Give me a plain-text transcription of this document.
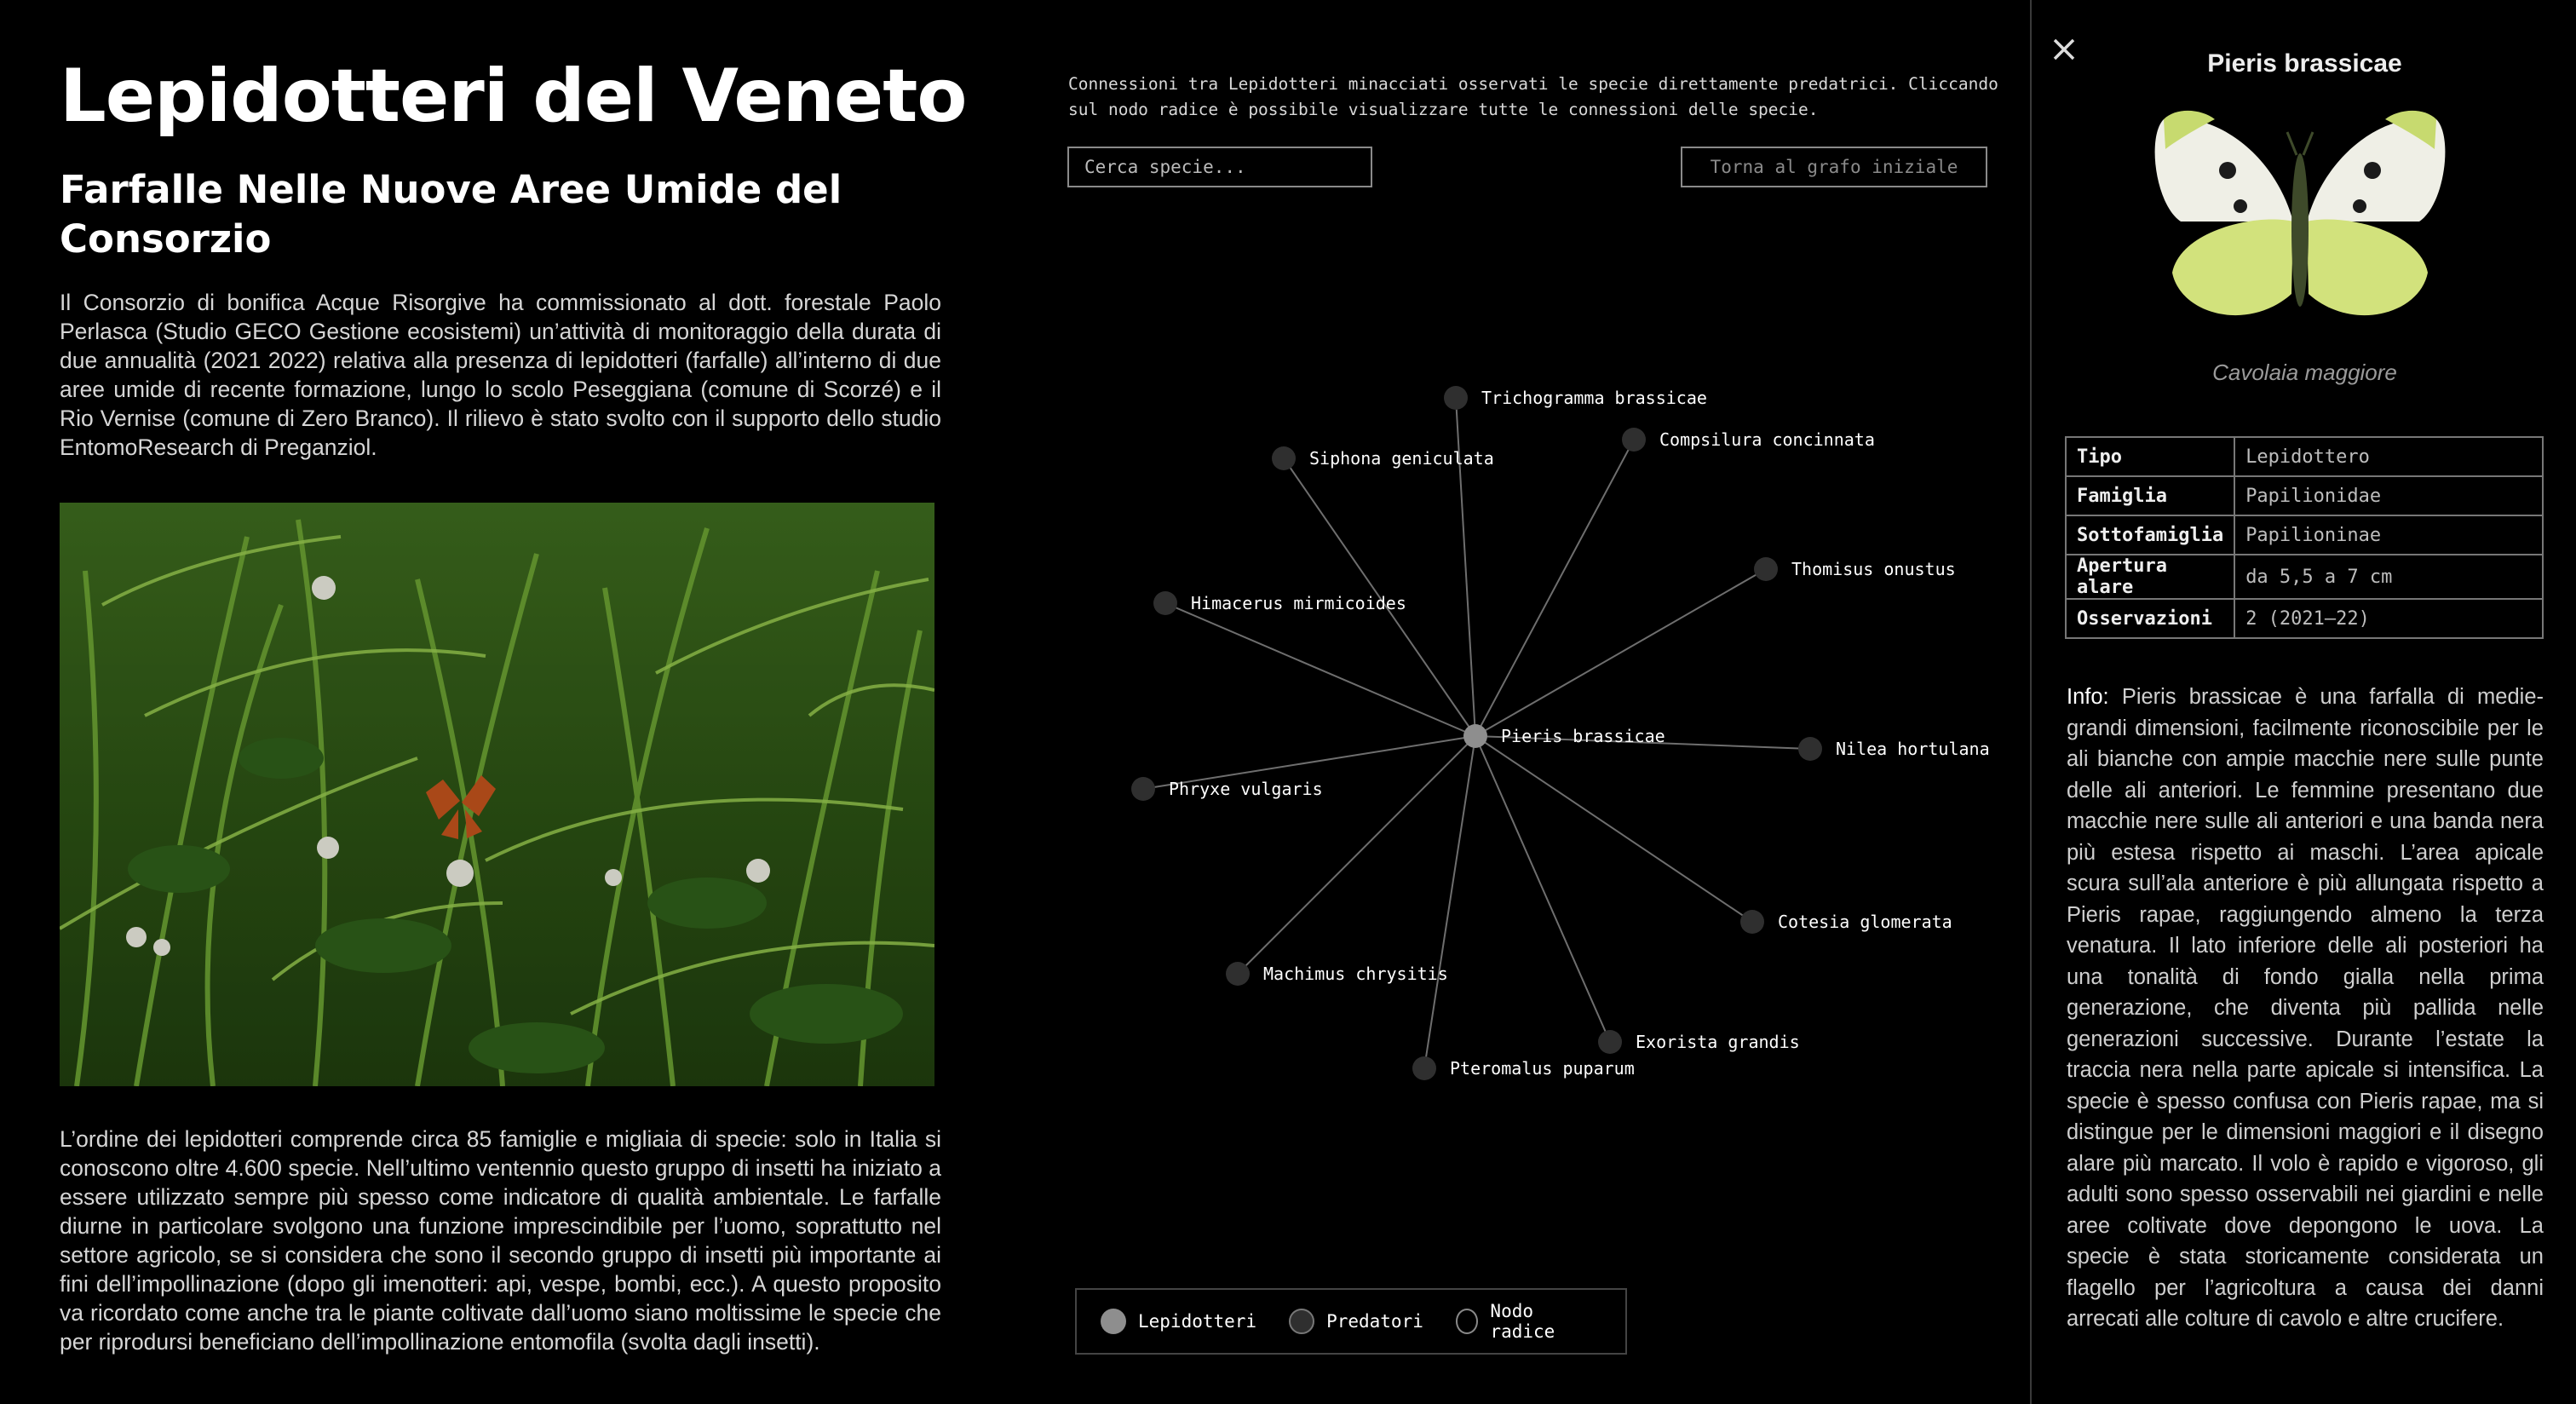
Lepidotteri del Veneto
Farfalle Nelle Nuove Aree Umide del Consorzio

Il Consorzio di bonifica Acque Risorgive ha commissionato al dott. forestale Paolo Perlasca (Studio GECO Gestione ecosistemi) un’attività di monitoraggio della durata di due annualità (2021 2022) relativa alla presenza di lepidotteri (farfalle) all’interno di due aree umide di recente formazione, lungo lo scolo Peseggiana (comune di Scorzé) e il Rio Vernise (comune di Zero Branco). Il rilievo è stato svolto con il supporto dello studio EntomoResearch di Preganziol.

L’ordine dei lepidotteri comprende circa 85 famiglie e migliaia di specie: solo in Italia si conoscono oltre 4.600 specie. Nell’ultimo ventennio questo gruppo di insetti ha iniziato a essere utilizzato sempre più spesso come indicatore di qualità ambientale. Le farfalle diurne in particolare svolgono una funzione imprescindibile per l’uomo, soprattutto nel settore agricolo, se si considera che sono il secondo gruppo di insetti più importante ai fini dell’impollinazione (dopo gli imenotteri: api, vespe, bombi, ecc.). A questo proposito va ricordato come anche tra le piante coltivate dall’uomo siano moltissime le specie che per riprodursi beneficiano dell’impollinazione entomofila (svolta dagli insetti).

Connessioni tra Lepidotteri minacciati osservati le specie direttamente predatrici. Cliccando sul nodo radice è possibile visualizzare tutte le connessioni delle specie.

Cerca specie...
Torna al grafo iniziale
Trichogramma brassicae
Compsilura concinnata
Siphona geniculata
Thomisus onustus
Himacerus mirmicoides
Nilea hortulana
Phryxe vulgaris
Cotesia glomerata
Machimus chrysitis
Exorista grandis
Pteromalus puparum
Pieris brassicae
Lepidotteri	Predatori	Nodo radice
Pieris brassicae
Cavolaia maggiore
Tipo	Lepidottero
Famiglia	Papilionidae
Sottofamiglia	Papilioninae
Apertura alare	da 5,5 a 7 cm
Osservazioni	2 (2021–22)

Info: Pieris brassicae è una farfalla di medie-grandi dimensioni, facilmente riconoscibile per le ali bianche con ampie macchie nere sulle punte delle ali anteriori. Le femmine presentano due macchie nere sulle ali anteriori e una banda nera più estesa rispetto ai maschi. L’area apicale scura sull’ala anteriore è più allungata rispetto a Pieris rapae, raggiungendo almeno la terza venatura. Il lato inferiore delle ali posteriori ha una tonalità di fondo gialla nella prima generazione, che diventa più pallida nelle generazioni successive. Durante l’estate la traccia nera nella parte apicale si intensifica. La specie è spesso confusa con Pieris rapae, ma si distingue per le dimensioni maggiori e il disegno alare più marcato. Il volo è rapido e vigoroso, gli adulti sono spesso osservabili nei giardini e nelle aree coltivate dove depongono le uova. La specie è stata storicamente considerata un flagello per l’agricoltura a causa dei danni arrecati alle colture di cavolo e altre crucifere.
